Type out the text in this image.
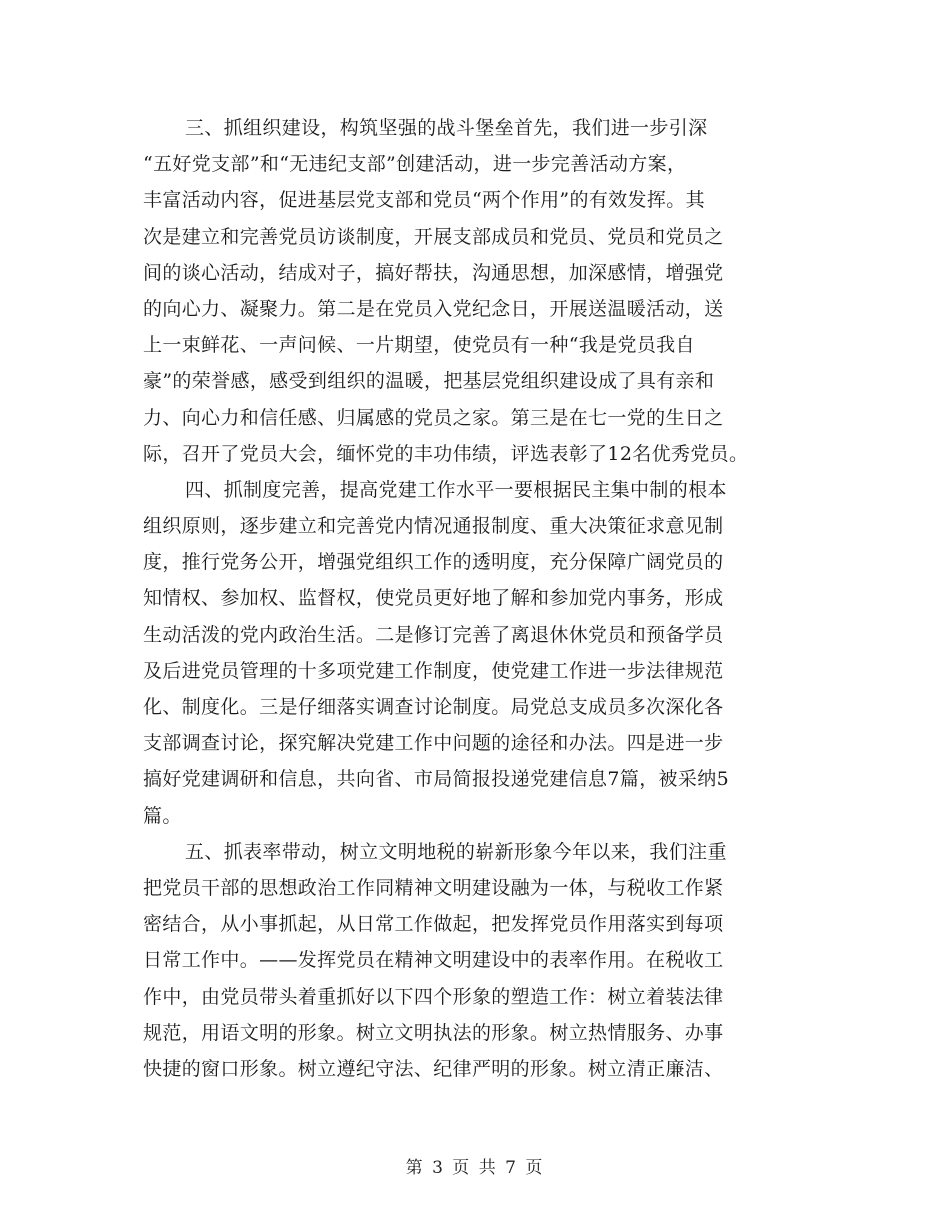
三、抓组织建设，构筑坚强的战斗堡垒首先，我们进一步引深
“五好党支部”和“无违纪支部”创建活动，进一步完善活动方案，
丰富活动内容，促进基层党支部和党员“两个作用”的有效发挥。其
次是建立和完善党员访谈制度，开展支部成员和党员、党员和党员之
间的谈心活动，结成对子，搞好帮扶，沟通思想，加深感情，增强党
的向心力、凝聚力。第二是在党员入党纪念日，开展送温暖活动，送
上一束鲜花、一声问候、一片期望，使党员有一种“我是党员我自
豪”的荣誉感，感受到组织的温暖，把基层党组织建设成了具有亲和
力、向心力和信任感、归属感的党员之家。第三是在七一党的生日之
际，召开了党员大会，缅怀党的丰功伟绩，评选表彰了12名优秀党员。
四、抓制度完善，提高党建工作水平一要根据民主集中制的根本
组织原则，逐步建立和完善党内情况通报制度、重大决策征求意见制
度，推行党务公开，增强党组织工作的透明度，充分保障广阔党员的
知情权、参加权、监督权，使党员更好地了解和参加党内事务，形成
生动活泼的党内政治生活。二是修订完善了离退休休党员和预备学员
及后进党员管理的十多项党建工作制度，使党建工作进一步法律规范
化、制度化。三是仔细落实调查讨论制度。局党总支成员多次深化各
支部调查讨论，探究解决党建工作中问题的途径和办法。四是进一步
搞好党建调研和信息，共向省、市局简报投递党建信息7篇，被采纳5
篇。
五、抓表率带动，树立文明地税的崭新形象今年以来，我们注重
把党员干部的思想政治工作同精神文明建设融为一体，与税收工作紧
密结合，从小事抓起，从日常工作做起，把发挥党员作用落实到每项
日常工作中。——发挥党员在精神文明建设中的表率作用。在税收工
作中，由党员带头着重抓好以下四个形象的塑造工作：树立着装法律
规范，用语文明的形象。树立文明执法的形象。树立热情服务、办事
快捷的窗口形象。树立遵纪守法、纪律严明的形象。树立清正廉洁、
第 3 页 共 7 页
